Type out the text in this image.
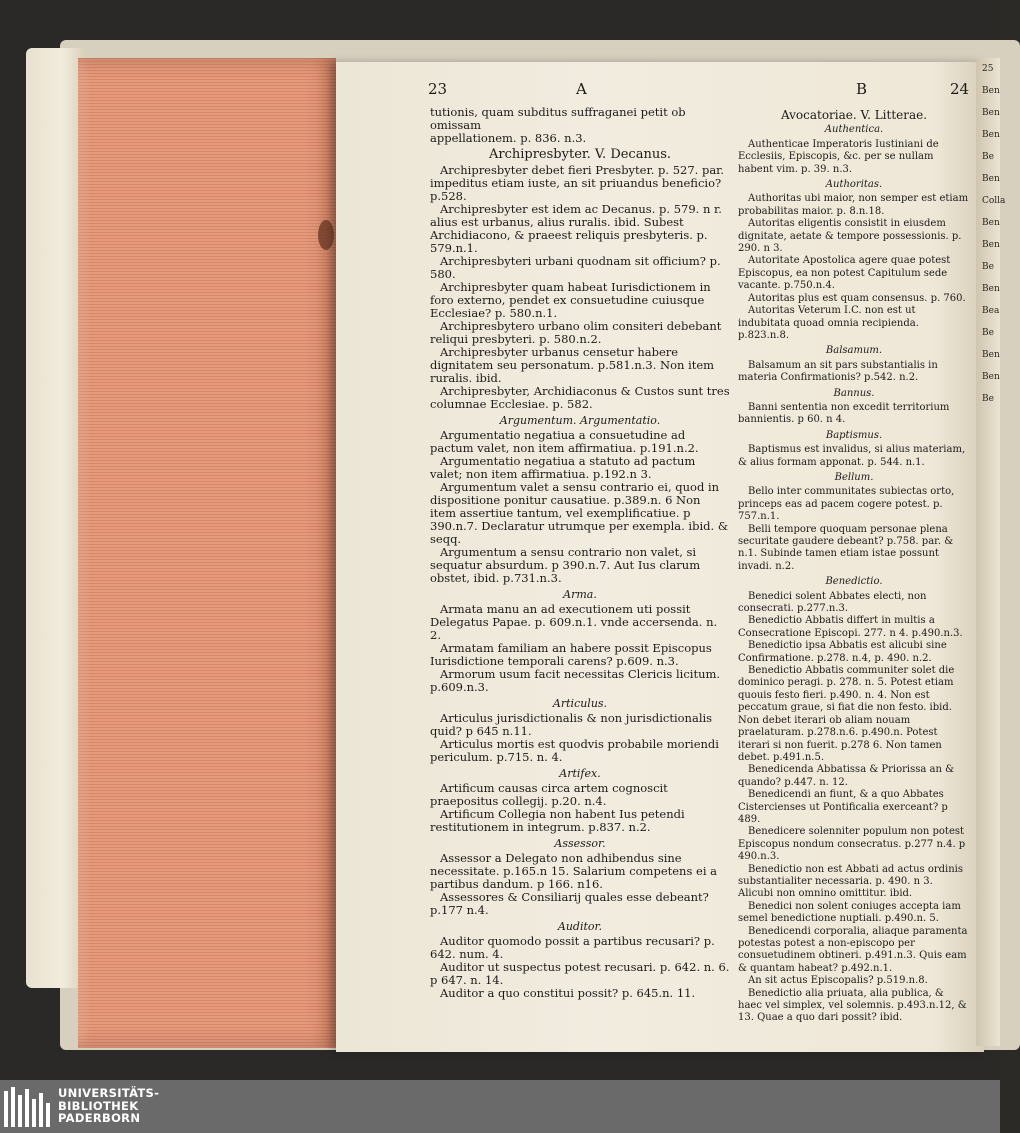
23	A	B	24

tutionis, quam subditus suffraganei petit ob omissam

appellationem. p. 836. n.3.

Archipresbyter. V. Decanus.

Archipresbyter debet fieri Presbyter. p. 527. par. impeditus etiam iuste, an sit priuandus beneficio? p.528.

Archipresbyter est idem ac Decanus. p. 579. n r. alius est urbanus, alius ruralis. ibid. Subest Archidiacono, & praeest reliquis presbyteris. p. 579.n.1.

Archipresbyteri urbani quodnam sit officium? p. 580.

Archipresbyter quam habeat Iurisdictionem in foro externo, pendet ex consuetudine cuiusque Ecclesiae? p. 580.n.1.

Archipresbytero urbano olim consiteri debebant reliqui presbyteri. p. 580.n.2.

Archipresbyter urbanus censetur habere dignitatem seu personatum. p.581.n.3. Non item ruralis. ibid.

Archipresbyter, Archidiaconus & Custos sunt tres columnae Ecclesiae. p. 582.

Argumentum. Argumentatio.

Argumentatio negatiua a consuetudine ad pactum valet, non item affirmatiua. p.191.n.2.

Argumentatio negatiua a statuto ad pactum valet; non item affirmatiua. p.192.n 3.

Argumentum valet a sensu contrario ei, quod in dispositione ponitur causatiue. p.389.n. 6 Non item assertiue tantum, vel exemplificatiue. p 390.n.7. Declaratur utrumque per exempla. ibid. & seqq.

Argumentum a sensu contrario non valet, si sequatur absurdum. p 390.n.7. Aut Ius clarum obstet, ibid. p.731.n.3.

Arma.

Armata manu an ad executionem uti possit Delegatus Papae. p. 609.n.1. vnde accersenda. n. 2.

Armatam familiam an habere possit Episcopus Iurisdictione temporali carens? p.609. n.3.

Armorum usum facit necessitas Clericis licitum. p.609.n.3.

Articulus.

Articulus jurisdictionalis & non jurisdictionalis quid? p 645 n.11.

Articulus mortis est quodvis probabile moriendi periculum. p.715. n. 4.

Artifex.

Artificum causas circa artem cognoscit praepositus collegij. p.20. n.4.

Artificum Collegia non habent Ius petendi restitutionem in integrum. p.837. n.2.

Assessor.

Assessor a Delegato non adhibendus sine necessitate. p.165.n 15. Salarium competens ei a partibus dandum. p 166. n16.

Assessores & Consiliarij quales esse debeant? p.177 n.4.

Auditor.

Auditor quomodo possit a partibus recusari? p. 642. num. 4.

Auditor ut suspectus potest recusari. p. 642. n. 6. p 647. n. 14.

Auditor a quo constitui possit? p. 645.n. 11.

Avocatoriae. V. Litterae.
Authentica.

Authenticae Imperatoris Iustiniani de Ecclesiis, Episcopis, &c. per se nullam habent vim. p. 39. n.3.

Authoritas.

Authoritas ubi maior, non semper est etiam probabilitas maior. p. 8.n.18.

Autoritas eligentis consistit in eiusdem dignitate, aetate & tempore possessionis. p. 290. n 3.

Autoritate Apostolica agere quae potest Episcopus, ea non potest Capitulum sede vacante. p.750.n.4.

Autoritas plus est quam consensus. p. 760.

Autoritas Veterum I.C. non est ut indubitata quoad omnia recipienda. p.823.n.8.

Balsamum.

Balsamum an sit pars substantialis in materia Confirmationis? p.542. n.2.

Bannus.

Banni sententia non excedit territorium bannientis. p 60. n 4.

Baptismus.

Baptismus est invalidus, si alius materiam, & alius formam apponat. p. 544. n.1.

Bellum.

Bello inter communitates subiectas orto, princeps eas ad pacem cogere potest. p. 757.n.1.

Belli tempore quoquam personae plena securitate gaudere debeant? p.758. par. & n.1. Subinde tamen etiam istae possunt invadi. n.2.

Benedictio.

Benedici solent Abbates electi, non consecrati. p.277.n.3.

Benedictio Abbatis differt in multis a Consecratione Episcopi. 277. n 4. p.490.n.3.

Benedictio ipsa Abbatis est alicubi sine Confirmatione. p.278. n.4, p. 490. n.2.

Benedictio Abbatis communiter solet die dominico peragi. p. 278. n. 5. Potest etiam quouis festo fieri. p.490. n. 4. Non est peccatum graue, si fiat die non festo. ibid. Non debet iterari ob aliam nouam praelaturam. p.278.n.6. p.490.n. Potest iterari si non fuerit. p.278 6. Non tamen debet. p.491.n.5.

Benedicenda Abbatissa & Priorissa an & quando? p.447. n. 12.

Benedicendi an fiunt, & a quo Abbates Cistercienses ut Pontificalia exerceant? p 489.

Benedicere solenniter populum non potest Episcopus nondum consecratus. p.277 n.4. p 490.n.3.

Benedictio non est Abbati ad actus ordinis substantialiter necessaria. p. 490. n 3. Alicubi non omnino omittitur. ibid.

Benedici non solent coniuges accepta iam semel benedictione nuptiali. p.490.n. 5.

Benedicendi corporalia, aliaque paramenta potestas potest a non-episcopo per consuetudinem obtineri. p.491.n.3. Quis eam & quantam habeat? p.492.n.1.

An sit actus Episcopalis? p.519.n.8.

Benedictio alia priuata, alia publica, & haec vel simplex, vel solemnis. p.493.n.12, & 13. Quae a quo dari possit? ibid.

25
Ben
Ben
Ben
Be
Ben
Colla
Ben
Ben
Be
Ben
Bea
Be
Ben
Ben
Be
UNIVERSITÄTS-
BIBLIOTHEK
PADERBORN
